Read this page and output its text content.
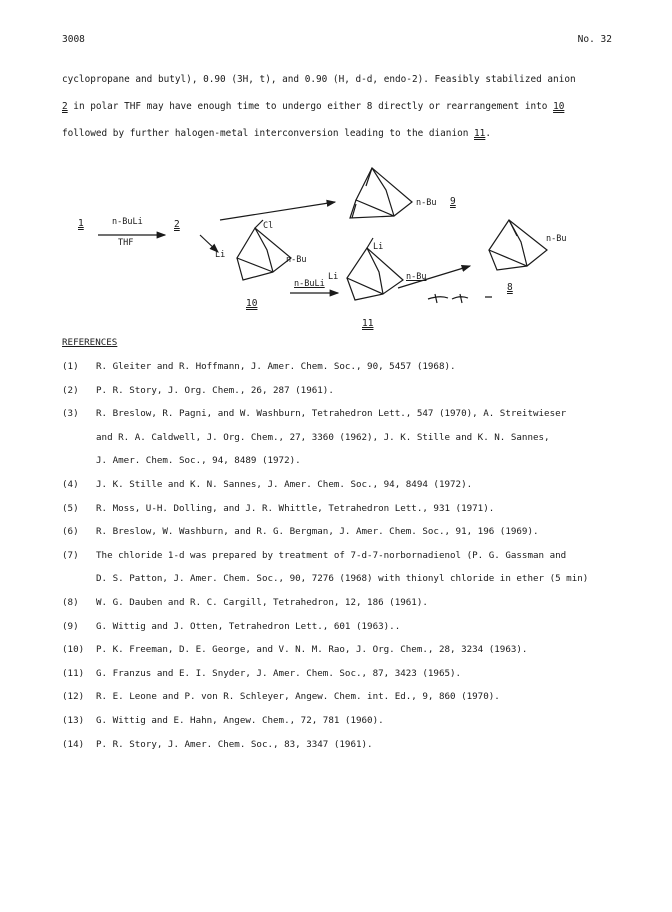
3008	No. 32
cyclopropane and butyl), 0.90 (3H, t), and 0.90 (H, d-d, endo-2). Feasibly stabilized anion
2 in polar THF may have enough time to undergo either 8 directly or rearrangement into 10
followed by further halogen-metal interconversion leading to the dianion 11.
1	n-BuLi
THF
2
n-Bu 9
Cl
Li	n-Bu
10
n-BuLi
Li
Li	n-Bu
11
n-Bu
8
REFERENCES
(1) R. Gleiter and R. Hoffmann, J. Amer. Chem. Soc., 90, 5457 (1968).
(2) P. R. Story, J. Org. Chem., 26, 287 (1961).
(3) R. Breslow, R. Pagni, and W. Washburn, Tetrahedron Lett., 547 (1970), A. Streitwieser
and R. A. Caldwell, J. Org. Chem., 27, 3360 (1962), J. K. Stille and K. N. Sannes,
J. Amer. Chem. Soc., 94, 8489 (1972).
(4) J. K. Stille and K. N. Sannes, J. Amer. Chem. Soc., 94, 8494 (1972).
(5) R. Moss, U-H. Dolling, and J. R. Whittle, Tetrahedron Lett., 931 (1971).
(6) R. Breslow, W. Washburn, and R. G. Bergman, J. Amer. Chem. Soc., 91, 196 (1969).
(7) The chloride 1-d was prepared by treatment of 7-d-7-norbornadienol (P. G. Gassman and
D. S. Patton, J. Amer. Chem. Soc., 90, 7276 (1968) with thionyl chloride in ether (5 min)
(8) W. G. Dauben and R. C. Cargill, Tetrahedron, 12, 186 (1961).
(9) G. Wittig and J. Otten, Tetrahedron Lett., 601 (1963)..
(10) P. K. Freeman, D. E. George, and V. N. M. Rao, J. Org. Chem., 28, 3234 (1963).
(11) G. Franzus and E. I. Snyder, J. Amer. Chem. Soc., 87, 3423 (1965).
(12) R. E. Leone and P. von R. Schleyer, Angew. Chem. int. Ed., 9, 860 (1970).
(13) G. Wittig and E. Hahn, Angew. Chem., 72, 781 (1960).
(14) P. R. Story, J. Amer. Chem. Soc., 83, 3347 (1961).
